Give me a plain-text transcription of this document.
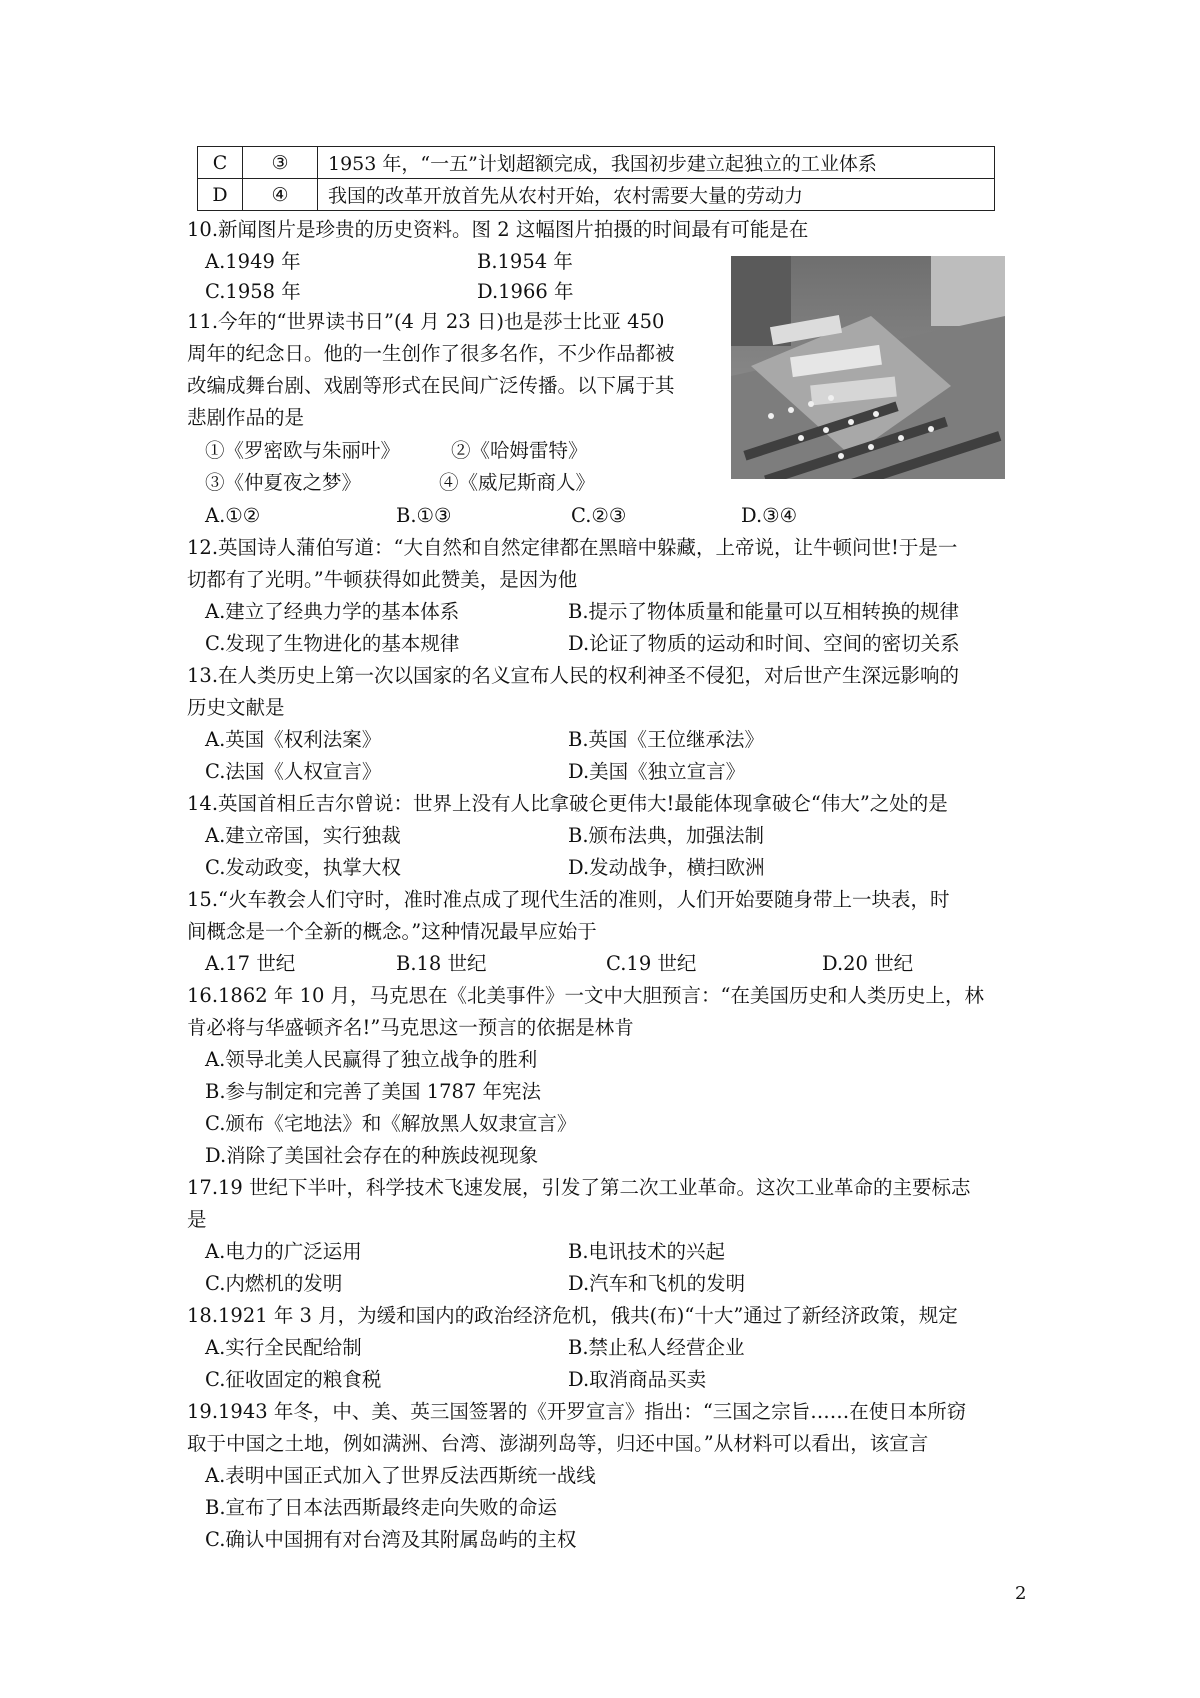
C	③	1953 年，“一五”计划超额完成，我国初步建立起独立的工业体系
D	④	我国的改革开放首先从农村开始，农村需要大量的劳动力
10.新闻图片是珍贵的历史资料。图 2 这幅图片拍摄的时间最有可能是在
A.1949 年	B.1954 年
C.1958 年	D.1966 年
11.今年的“世界读书日”(4 月 23 日)也是莎士比亚 450
周年的纪念日。他的一生创作了很多名作，不少作品都被
改编成舞台剧、戏剧等形式在民间广泛传播。以下属于其
悲剧作品的是
①《罗密欧与朱丽叶》	②《哈姆雷特》
③《仲夏夜之梦》	④《威尼斯商人》
A.①②	B.①③	C.②③	D.③④
12.英国诗人蒲伯写道：“大自然和自然定律都在黑暗中躲藏，上帝说，让牛顿问世!于是一
切都有了光明。”牛顿获得如此赞美，是因为他
A.建立了经典力学的基本体系	B.提示了物体质量和能量可以互相转换的规律
C.发现了生物进化的基本规律	D.论证了物质的运动和时间、空间的密切关系
13.在人类历史上第一次以国家的名义宣布人民的权利神圣不侵犯，对后世产生深远影响的
历史文献是
A.英国《权利法案》	B.英国《王位继承法》
C.法国《人权宣言》	D.美国《独立宣言》
14.英国首相丘吉尔曾说：世界上没有人比拿破仑更伟大!最能体现拿破仑“伟大”之处的是
A.建立帝国，实行独裁	B.颁布法典，加强法制
C.发动政变，执掌大权	D.发动战争，横扫欧洲
15.“火车教会人们守时，准时准点成了现代生活的准则，人们开始要随身带上一块表，时
间概念是一个全新的概念。”这种情况最早应始于
A.17 世纪	B.18 世纪	C.19 世纪	D.20 世纪
16.1862 年 10 月，马克思在《北美事件》一文中大胆预言：“在美国历史和人类历史上，林
肯必将与华盛顿齐名!”马克思这一预言的依据是林肯
A.领导北美人民赢得了独立战争的胜利
B.参与制定和完善了美国 1787 年宪法
C.颁布《宅地法》和《解放黑人奴隶宣言》
D.消除了美国社会存在的种族歧视现象
17.19 世纪下半叶，科学技术飞速发展，引发了第二次工业革命。这次工业革命的主要标志
是
A.电力的广泛运用	B.电讯技术的兴起
C.内燃机的发明	D.汽车和飞机的发明
18.1921 年 3 月，为缓和国内的政治经济危机，俄共(布)“十大”通过了新经济政策，规定
A.实行全民配给制	B.禁止私人经营企业
C.征收固定的粮食税	D.取消商品买卖
19.1943 年冬，中、美、英三国签署的《开罗宣言》指出：“三国之宗旨……在使日本所窃
取于中国之土地，例如满洲、台湾、澎湖列岛等，归还中国。”从材料可以看出，该宣言
A.表明中国正式加入了世界反法西斯统一战线
B.宣布了日本法西斯最终走向失败的命运
C.确认中国拥有对台湾及其附属岛屿的主权
2
